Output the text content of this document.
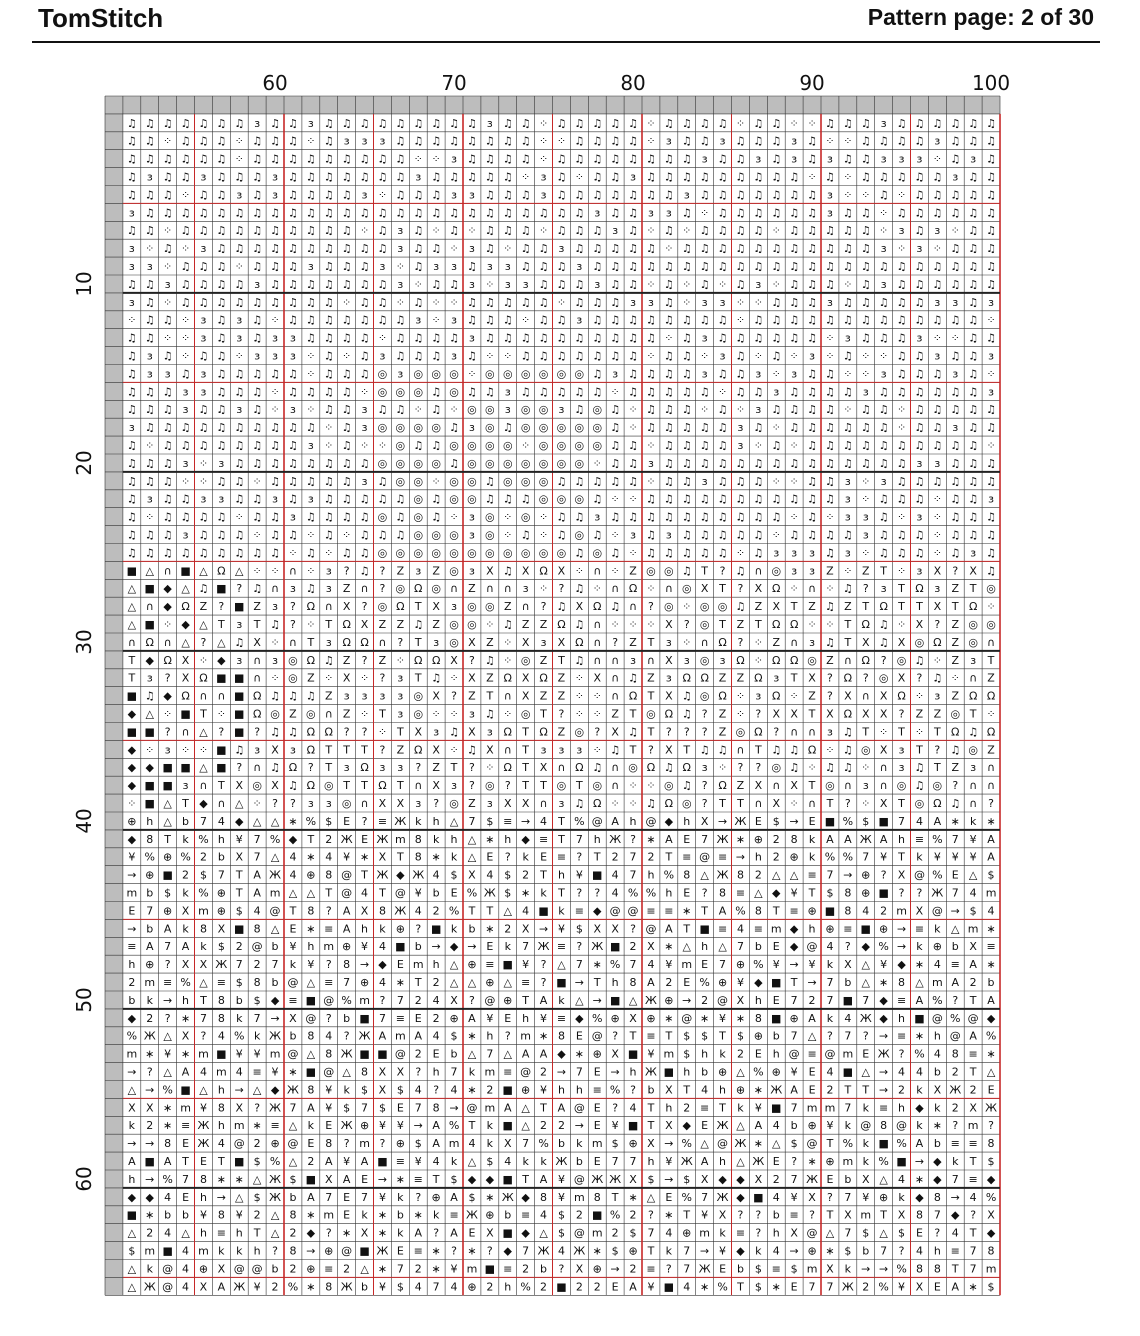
TomStitch	Pattern page: 2 of 30
♫ ♫ ♫ ♫ ♫ ♫ ♫ ɜ ♫ ♫ ɜ ♫ ♫ ♫ ♫ ♫ ♫ ♫ ♫ ♫ ɜ ♫ ♫ ⁘ ♫ ♫ ♫ ♫ ♫ ⁘ ♫ ♫ ♫ ♫ ⁘ ♫ ♫ ⁘ ⁘ ♫ ♫ ♫ ɜ ♫ ♫ ♫ ♫ ♫ ♫
♫ ♫ ⁘ ♫ ♫ ♫ ⁘ ♫ ♫ ♫ ⁘ ♫ ɜ ɜ ɜ ♫ ♫ ♫ ♫ ♫ ♫ ♫ ♫ ⁘ ⁘ ♫ ♫ ♫ ♫ ⁘ ɜ ♫ ♫ ɜ ♫ ♫ ♫ ɜ ♫ ⁘ ⁘ ♫ ♫ ♫ ♫ ɜ ♫ ♫ ♫
♫ ♫ ♫ ♫ ♫ ♫ ⁘ ♫ ♫ ♫ ♫ ♫ ♫ ♫ ♫ ♫ ⁘ ⁘ ɜ ♫ ♫ ♫ ♫ ⁘ ♫ ♫ ♫ ♫ ♫ ♫ ♫ ♫ ɜ ♫ ♫ ɜ ♫ ɜ ♫ ɜ ♫ ♫ ɜ ɜ ɜ ⁘ ♫ ɜ ♫
♫ ɜ ♫ ♫ ɜ ♫ ♫ ♫ ɜ ♫ ♫ ♫ ♫ ♫ ♫ ♫ ɜ ♫ ♫ ♫ ♫ ♫ ⁘ ɜ ♫ ⁘ ♫ ♫ ɜ ♫ ♫ ♫ ♫ ♫ ♫ ♫ ♫ ♫ ⁘ ♫ ⁘ ♫ ♫ ♫ ♫ ♫ ɜ ♫ ♫
♫ ♫ ♫ ⁘ ♫ ♫ ɜ ♫ ɜ ♫ ♫ ♫ ♫ ɜ ⁘ ♫ ♫ ♫ ɜ ɜ ♫ ♫ ♫ ɜ ♫ ♫ ♫ ♫ ♫ ♫ ♫ ɜ ♫ ♫ ♫ ♫ ♫ ♫ ♫ ɜ ⁘ ⁘ ♫ ⁘ ♫ ♫ ♫ ♫ ♫
ɜ ♫ ♫ ♫ ♫ ♫ ♫ ♫ ♫ ♫ ♫ ♫ ♫ ♫ ♫ ♫ ♫ ♫ ♫ ♫ ♫ ♫ ♫ ♫ ♫ ♫ ɜ ♫ ♫ ɜ ɜ ♫ ⁘ ♫ ♫ ♫ ♫ ♫ ♫ ɜ ♫ ♫ ⁘ ♫ ♫ ♫ ♫ ♫ ♫
♫ ♫ ⁘ ♫ ♫ ♫ ♫ ♫ ♫ ♫ ♫ ♫ ♫ ⁘ ♫ ɜ ♫ ⁘ ♫ ⁘ ♫ ♫ ♫ ⁘ ♫ ♫ ♫ ɜ ♫ ⁘ ♫ ⁘ ♫ ♫ ♫ ♫ ⁘ ♫ ♫ ♫ ♫ ♫ ⁘ ɜ ♫ ɜ ⁘ ♫ ♫
ɜ ⁘ ♫ ⁘ ɜ ♫ ♫ ♫ ♫ ♫ ♫ ♫ ♫ ♫ ♫ ɜ ♫ ♫ ⁘ ɜ ♫ ⁘ ♫ ♫ ɜ ♫ ♫ ♫ ♫ ♫ ⁘ ♫ ♫ ♫ ♫ ♫ ♫ ♫ ♫ ♫ ♫ ♫ ɜ ⁘ ɜ ⁘ ♫ ♫ ♫
ɜ ɜ ⁘ ♫ ♫ ♫ ⁘ ♫ ♫ ♫ ɜ ♫ ♫ ♫ ɜ ⁘ ♫ ɜ ɜ ♫ ɜ ɜ ♫ ♫ ♫ ɜ ♫ ♫ ♫ ♫ ♫ ♫ ♫ ♫ ♫ ♫ ♫ ♫ ♫ ♫ ♫ ♫ ♫ ♫ ♫ ♫ ♫ ♫ ♫
♫ ♫ ɜ ♫ ♫ ♫ ♫ ɜ ♫ ♫ ♫ ♫ ♫ ♫ ♫ ɜ ⁘ ♫ ♫ ɜ ⁘ ɜ ɜ ♫ ♫ ♫ ɜ ♫ ♫ ⁘ ♫ ⁘ ♫ ⁘ ♫ ɜ ⁘ ♫ ♫ ♫ ⁘ ♫ ɜ ♫ ♫ ♫ ♫ ♫ ♫
ɜ ♫ ⁘ ♫ ♫ ♫ ♫ ♫ ♫ ♫ ♫ ♫ ⁘ ♫ ♫ ⁘ ♫ ⁘ ⁘ ♫ ♫ ♫ ♫ ♫ ⁘ ♫ ♫ ♫ ɜ ɜ ♫ ⁘ ɜ ɜ ⁘ ⁘ ♫ ♫ ♫ ɜ ♫ ♫ ♫ ♫ ♫ ɜ ɜ ♫ ɜ
⁘ ♫ ♫ ⁘ ɜ ♫ ɜ ♫ ⁘ ♫ ♫ ♫ ♫ ♫ ♫ ♫ ɜ ⁘ ɜ ♫ ♫ ♫ ⁘ ♫ ♫ ɜ ♫ ♫ ♫ ♫ ♫ ♫ ♫ ♫ ⁘ ♫ ♫ ♫ ♫ ♫ ♫ ♫ ♫ ♫ ♫ ♫ ♫ ♫ ⁘
♫ ♫ ⁘ ⁘ ɜ ♫ ɜ ♫ ɜ ɜ ♫ ♫ ♫ ♫ ⁘ ♫ ♫ ♫ ♫ ɜ ♫ ♫ ♫ ♫ ♫ ♫ ♫ ♫ ♫ ♫ ⁘ ♫ ɜ ♫ ♫ ♫ ♫ ♫ ♫ ⁘ ɜ ♫ ♫ ♫ ɜ ⁘ ⁘ ♫ ♫
♫ ɜ ♫ ⁘ ♫ ♫ ⁘ ɜ ɜ ɜ ⁘ ♫ ⁘ ♫ ɜ ♫ ♫ ♫ ɜ ♫ ⁘ ⁘ ♫ ♫ ♫ ♫ ♫ ♫ ♫ ⁘ ♫ ♫ ⁘ ɜ ♫ ⁘ ♫ ⁘ ɜ ⁘ ♫ ⁘ ⁘ ♫ ♫ ɜ ♫ ♫ ɜ
♫ ɜ ɜ ♫ ɜ ♫ ♫ ♫ ♫ ♫ ⁘ ♫ ♫ ♫ ◎ ɜ ◎ ◎ ◎ ⁘ ◎ ◎ ◎ ◎ ◎ ◎ ♫ ɜ ♫ ♫ ♫ ♫ ɜ ♫ ♫ ɜ ⁘ ɜ ♫ ♫ ⁘ ⁘ ɜ ♫ ♫ ♫ ɜ ♫ ⁘
♫ ♫ ♫ ɜ ɜ ♫ ♫ ♫ ⁘ ♫ ♫ ♫ ♫ ⁘ ◎ ◎ ◎ ♫ ◎ ♫ ♫ ɜ ♫ ♫ ♫ ♫ ♫ ⁘ ♫ ♫ ♫ ♫ ♫ ⁘ ♫ ♫ ɜ ♫ ♫ ♫ ♫ ɜ ♫ ♫ ♫ ♫ ♫ ♫ ɜ
♫ ♫ ♫ ɜ ♫ ♫ ɜ ♫ ⁘ ɜ ⁘ ♫ ♫ ɜ ♫ ♫ ⁘ ♫ ⁘ ◎ ◎ ɜ ◎ ◎ ɜ ♫ ◎ ♫ ⁘ ♫ ♫ ♫ ⁘ ♫ ⁘ ɜ ♫ ♫ ♫ ♫ ⁘ ♫ ♫ ⁘ ♫ ♫ ♫ ♫ ♫
ɜ ♫ ♫ ♫ ♫ ♫ ♫ ♫ ♫ ♫ ♫ ⁘ ♫ ɜ ◎ ◎ ◎ ◎ ♫ ɜ ◎ ♫ ◎ ◎ ◎ ◎ ◎ ♫ ⁘ ♫ ♫ ♫ ♫ ♫ ɜ ♫ ⁘ ♫ ♫ ♫ ♫ ♫ ♫ ⁘ ♫ ♫ ɜ ♫ ♫
♫ ⁘ ♫ ♫ ♫ ♫ ♫ ♫ ♫ ♫ ɜ ⁘ ♫ ⁘ ⁘ ◎ ♫ ♫ ◎ ◎ ◎ ◎ ⁘ ◎ ◎ ◎ ◎ ♫ ♫ ⁘ ♫ ♫ ♫ ♫ ɜ ⁘ ♫ ⁘ ♫ ♫ ♫ ♫ ♫ ♫ ♫ ♫ ♫ ♫ ⁘
♫ ♫ ♫ ɜ ⁘ ɜ ♫ ♫ ♫ ♫ ♫ ♫ ♫ ♫ ◎ ◎ ◎ ◎ ♫ ◎ ◎ ◎ ◎ ◎ ◎ ◎ ⁘ ♫ ♫ ɜ ♫ ♫ ♫ ♫ ♫ ♫ ♫ ♫ ♫ ♫ ♫ ♫ ♫ ♫ ɜ ɜ ♫ ♫ ♫
♫ ♫ ♫ ⁘ ⁘ ♫ ♫ ⁘ ♫ ♫ ♫ ♫ ♫ ɜ ♫ ◎ ◎ ⁘ ◎ ◎ ♫ ◎ ◎ ◎ ♫ ♫ ♫ ♫ ♫ ⁘ ♫ ♫ ɜ ♫ ♫ ♫ ⁘ ⁘ ♫ ♫ ɜ ⁘ ɜ ♫ ♫ ♫ ♫ ♫ ♫
♫ ɜ ♫ ♫ ɜ ɜ ♫ ♫ ɜ ♫ ɜ ♫ ♫ ♫ ♫ ♫ ◎ ♫ ◎ ◎ ♫ ♫ ♫ ◎ ◎ ◎ ♫ ⁘ ⁘ ♫ ♫ ♫ ♫ ♫ ♫ ♫ ♫ ♫ ♫ ♫ ɜ ⁘ ♫ ♫ ♫ ⁘ ♫ ♫ ɜ
♫ ⁘ ♫ ♫ ♫ ♫ ⁘ ♫ ♫ ɜ ♫ ♫ ♫ ♫ ◎ ♫ ◎ ♫ ⁘ ɜ ◎ ⁘ ◎ ⁘ ♫ ♫ ɜ ♫ ♫ ♫ ♫ ♫ ♫ ♫ ♫ ♫ ♫ ⁘ ♫ ⁘ ɜ ɜ ♫ ⁘ ɜ ⁘ ♫ ♫ ♫
♫ ♫ ♫ ɜ ♫ ♫ ♫ ⁘ ♫ ♫ ⁘ ♫ ⁘ ♫ ♫ ♫ ◎ ◎ ◎ ɜ ◎ ⁘ ♫ ⁘ ♫ ◎ ♫ ⁘ ɜ ♫ ɜ ♫ ♫ ♫ ♫ ♫ ⁘ ♫ ♫ ♫ ♫ ɜ ♫ ♫ ♫ ⁘ ♫ ♫ ♫
♫ ♫ ♫ ♫ ♫ ♫ ♫ ♫ ♫ ⁘ ♫ ⁘ ♫ ♫ ◎ ◎ ◎ ◎ ◎ ◎ ◎ ◎ ◎ ◎ ◎ ♫ ◎ ♫ ⁘ ♫ ♫ ♫ ♫ ♫ ⁘ ♫ ɜ ɜ ɜ ♫ ɜ ⁘ ♫ ♫ ♫ ⁘ ♫ ɜ ♫
■ △ ∩ ■ △ Ω △ ⁘ ⁘ ∩ ⁘ ɜ ? ♫ ? Z ɜ Z ◎ ɜ X ♫ X Ω X ⁘ ∩ ⁘ Z ◎ ◎ ♫ T ? ♫ ∩ ◎ ɜ ɜ Z ⁘ Z T ⁘ ɜ X ? X ♫
△ ■ ◆ △ ♫ ■ ? ♫ ∩ ɜ ♫ ɜ Z ∩ ? ◎ Ω ◎ ∩ Z ∩ ∩ ɜ ⁘ ? ♫ ⁘ ∩ Ω ⁘ ∩ ◎ X T ? X Ω ⁘ ∩ ⁘ ♫ ? ɜ T Ω ɜ Z T ◎
△ ∩ ◆ Ω Z ? ■ Z ɜ ? Ω ∩ X ? ◎ Ω T X ɜ ◎ ◎ Z ∩ ? ♫ X Ω ♫ ∩ ? ◎ ⁘ ◎ ◎ ♫ Z X T Z ♫ Z T Ω T T X T Ω ⁘
△ ■ ⁘ ◆ △ T ɜ T ♫ ? ⁘ T Ω X Z Z ♫ Z ◎ ◎ ⁘ ♫ Z Z Ω ♫ ∩ ⁘ ⁘ ⁘ X ? ◎ T Z T Ω Ω ⁘ ⁘ T Ω ♫ ⁘ X ? Z ◎ ◎
∩ Ω ∩ △ ? △ ♫ X ⁘ ∩ T ɜ Ω Ω ∩ ? T ɜ ◎ X Z ⁘ X ɜ X Ω ∩ ? Z T ɜ ⁘ ∩ Ω ? ⁘ Z ∩ ɜ ♫ T X ♫ X ◎ Ω Z ◎ ∩
T ◆ Ω X ⁘ ◆ ɜ ∩ ɜ ◎ Ω ♫ Z ? Z ⁘ Ω Ω X ? ♫ ⁘ ◎ Z T ♫ ∩ ∩ ɜ ∩ X ɜ ◎ ɜ Ω ⁘ Ω Ω ◎ Z ∩ Ω ? ◎ ♫ ⁘ Z ɜ T
T ɜ ? X Ω ■ ■ ∩ ⁘ ◎ Z ⁘ X ⁘ ? ɜ T ♫ ⁘ X Z Ω X Ω Z ⁘ X ∩ ♫ Z ɜ Ω Ω Z Z Ω ɜ T X ? Ω ? ◎ X ? ♫ ⁘ ∩ Z
■ ♫ ◆ Ω ∩ ∩ ■ Ω ♫ ♫ ♫ Z ɜ ɜ ɜ ɜ ◎ X ? Z T ∩ X Z Z ⁘ ⁘ ∩ Ω T X ♫ ◎ Ω ⁘ ɜ Ω ⁘ Z ? X ∩ X Ω ⁘ ɜ Z Ω Ω
◆ △ ⁘ ■ T ⁘ ■ Ω ◎ Z ◎ ∩ Z ⁘ T ɜ ◎ ⁘ ⁘ ɜ ♫ ⁘ ◎ T ? ⁘ ⁘ Z T ◎ Ω ♫ ? Z ⁘ ? X X T X Ω X X ? Z Z ◎ T ⁘
■ ■ ? ∩ △ ? ■ ? ♫ ♫ Ω Ω ? ? ⁘ T X ɜ ♫ X ɜ Ω T Ω Z ◎ ? X ♫ T ? ? ? Z ◎ Ω ? ∩ ∩ ɜ ♫ T ⁘ T ⁘ T Ω ♫ Ω
◆ ⁘ ɜ ⁘ ⁘ ■ ♫ ɜ X ɜ Ω T T T ? Z Ω X ⁘ ♫ X ∩ T ɜ ɜ ɜ ⁘ ♫ T ? X T ♫ ♫ ∩ T ♫ ♫ Ω ⁘ ♫ ◎ X ɜ T ? ♫ ◎ Z
◆ ◆ ■ ■ △ ■ ? ∩ ♫ Ω ? T ɜ Ω ɜ ɜ ? Z T ? ⁘ Ω T X ∩ Ω ♫ ∩ ◎ Ω ♫ Ω ɜ ⁘ ? ? ◎ ♫ ⁘ ♫ ♫ ⁘ ∩ ɜ ♫ T Z ɜ ∩
◆ ■ ■ ɜ ∩ T X ◎ X ♫ Ω ◎ T T Ω T ∩ X ɜ ? ◎ ? T T ◎ T ◎ ∩ ⁘ ⁘ ◎ ♫ ? Ω Z X ∩ X T ◎ ∩ ɜ ∩ ◎ ♫ ◎ ? ∩ ∩
⁘ ■ △ T ◆ ∩ △ ⁘ ? ? ɜ ɜ ◎ ∩ X X ɜ ? ◎ Z ɜ X X ∩ ɜ ♫ Ω ⁘ ⁘ ♫ Ω ◎ ? T T ∩ X ⁘ ∩ T ? ⁘ X T ◎ Ω ♫ ∩ ?
⊕ h △ b 7 4 ◆ △ △ ∗ % $ E ? ≡ Ж k h △ 7 $ ≡ → 4 T % @ A h @ ◆ h X → Ж E $ → E ■ % $ ■ 7 4 A ∗ k ∗
◆ 8 T k % h ¥ 7 % ◆ T 2 Ж E Ж m 8 k h △ ∗ h ◆ ≡ T 7 h Ж ? ∗ A E 7 Ж ∗ ⊕ 2 8 k A A Ж A h ≡ % 7 ¥ A
¥ % ⊕ % 2 b X 7 △ 4 ∗ 4 ¥ ∗ X T 8 ∗ k △ E ? k E ≡ ? T 2 7 2 T ≡ @ ≡ → h 2 ⊕ k % % 7 ¥ T k ¥ ¥ ¥ A
→ ⊕ ■ 2 $ 7 T A Ж 4 ⊕ 8 @ T Ж ◆ Ж 4 $ X 4 $ 2 T h ¥ ■ 4 7 h % 8 △ Ж 8 2 △ △ ≡ 7 → ⊕ ? X @ % E △ $
m b $ k % ⊕ T A m △ △ T @ 4 T @ ¥ b E % Ж $ ∗ k T ? ? 4 % % h E ? 8 ≡ △ ◆ ¥ T $ 8 ⊕ ■ ? ? Ж 7 4 m
E 7 ⊕ X m ⊕ $ 4 @ T 8 ? A X 8 Ж 4 2 % T T △ 4 ■ k ≡ ◆ @ @ ≡ ≡ ∗ T A % 8 T ≡ ⊕ ■ 8 4 2 m X @ → $ 4
→ b A k 8 X ■ 8 △ E ∗ ≡ A h k ⊕ ? ■ k b ∗ 2 X → ¥ $ X X ? @ A T ■ ≡ 4 ≡ m ◆ h ⊕ ≡ ■ ⊕ → ≡ k △ m ∗
≡ A 7 A k $ 2 @ b ¥ h m ⊕ ¥ 4 ■ b → ◆ → E k 7 Ж ≡ ? Ж ■ 2 X ∗ △ h △ 7 b E ◆ @ 4 ? ◆ % → k ⊕ b X ≡
h ⊕ ? X X Ж 7 2 7 k ¥ ? 8 → ◆ E m h △ ⊕ ≡ ■ ¥ ? △ 7 ∗ % 7 4 ¥ m E 7 ⊕ % ¥ → ¥ k X △ ¥ ◆ ∗ 4 ≡ A ∗
2 m ≡ % △ ≡ $ 8 b @ △ ≡ 7 ⊕ 4 ∗ T 2 △ △ ⊕ △ ≡ ? ■ → T h 8 A 2 E % ⊕ ¥ ◆ ■ T → 7 b △ ∗ 8 △ m A 2 b
b k → h T 8 b $ ◆ ≡ ■ @ % m ? 7 2 4 X ? @ ⊕ T A k △ → ■ △ Ж ⊕ → 2 @ X h E 7 2 7 ■ 7 ◆ ≡ A % ? T A
◆ 2 ? ∗ 7 8 k 7 → X @ ? b ■ 7 ≡ E 2 ⊕ A ¥ E h ¥ ≡ ◆ % ⊕ X ⊕ ∗ @ ∗ ¥ ∗ 8 ■ ⊕ A k 4 Ж ◆ h ■ @ % @ ◆
% Ж △ X ? 4 % k Ж b 8 4 ? Ж A m A 4 $ ∗ h ? m ∗ 8 E @ ? T ≡ T $ $ T $ ⊕ b 7 △ ? 7 ? → ≡ ∗ h @ A %
m ∗ ¥ ∗ m ■ ¥ ¥ m @ △ 8 Ж ■ ■ @ 2 E b △ 7 △ A A ◆ ∗ ⊕ X ■ ¥ m $ h k 2 E h @ ≡ @ m E Ж ? % 4 8 ≡ ∗
→ ? △ A 4 m 4 ≡ ¥ ∗ ■ @ △ 8 X X ? h 7 k m ≡ @ 2 → 7 E → h Ж ■ h b ⊕ △ % ⊕ ¥ E 4 ■ △ → 4 4 b 2 T △
△ → % ■ △ h → △ ◆ Ж 8 ¥ k $ X $ 4 ? 4 ∗ 2 ■ ⊕ ¥ h h ≡ % ? b X T 4 h ⊕ ∗ Ж A E 2 T T → 2 k X Ж 2 E
X X ∗ m ¥ 8 X ? Ж 7 A ¥ $ 7 $ E 7 8 → @ m A △ T A @ E ? 4 T h 2 ≡ T k ¥ ■ 7 m m 7 k ≡ h ◆ k 2 X Ж
k 2 ∗ ≡ Ж h m ∗ ≡ △ k E Ж ⊕ ¥ ¥ → A % T k ■ △ 2 2 → E ¥ ■ T X ◆ E Ж △ A 4 b ⊕ ¥ k @ 8 @ k ∗ ? m ?
→ → 8 E Ж 4 @ 2 ⊕ @ E 8 ? m ? ⊕ $ A m 4 k X 7 % b k m $ ⊕ X → % △ @ Ж ∗ △ $ @ T % k ■ % A b ≡ ≡ 8
A ■ A T E T ■ $ % △ 2 A ¥ A ■ ≡ ¥ 4 k △ $ 4 k k Ж b E 7 7 h ¥ Ж A h △ Ж E ? ∗ ⊕ m k % ■ → ◆ k T $
h → % 7 8 ∗ ∗ △ Ж $ ■ X A E → ∗ ≡ T $ ◆ ◆ ■ T A ¥ @ Ж Ж X $ → $ X ◆ ◆ X 2 7 Ж E b X △ 4 ∗ ◆ 7 ≡ ◆
◆ ◆ 4 E h → △ $ Ж b A 7 E 7 ¥ k ? ⊕ A $ ∗ Ж ◆ 8 ¥ m 8 T ∗ △ E % 7 Ж ◆ ■ 4 ¥ X ? 7 ¥ ⊕ k ◆ 8 → 4 %
■ ∗ b b ¥ 8 ¥ 2 △ 8 ∗ m E k ∗ b ∗ k ≡ Ж ⊕ b ≡ 4 $ 2 ■ % 2 ? ∗ T ¥ X ? ? b ≡ ? T X m T X 8 7 ◆ ? X
△ 2 4 △ h ≡ h T △ 2 ◆ ? ∗ X ∗ k A ? A E X ■ ◆ △ $ @ m 2 $ 7 4 ⊕ m k ≡ ? h X @ △ 7 $ △ $ E ? 4 T ◆
$ m ■ 4 m k k h ? 8 → ⊕ @ ■ Ж E ≡ ∗ ? ∗ ? ◆ 7 Ж 4 Ж ∗ $ ⊕ T k 7 → ¥ ◆ k 4 → ⊕ ∗ $ b 7 ? 4 h ≡ 7 8
△ k @ 4 ⊕ X @ @ b 2 ⊕ ≡ 2 △ ∗ 7 2 ∗ ¥ m ■ ≡ 2 b ? X ⊕ → 2 ≡ ? 7 Ж E b $ ≡ $ m X k → → % 8 8 T 7 m
△ Ж @ 4 X A Ж ¥ 2 % ∗ 8 Ж b ¥ $ 4 7 4 ⊕ 2 h % 2 ■ 2 2 E A ¥ ■ 4 ∗ % T $ ∗ E 7 7 Ж 2 % ¥ X E A ∗ $
60	70	80	90	100
10
20
30
40
50
60
